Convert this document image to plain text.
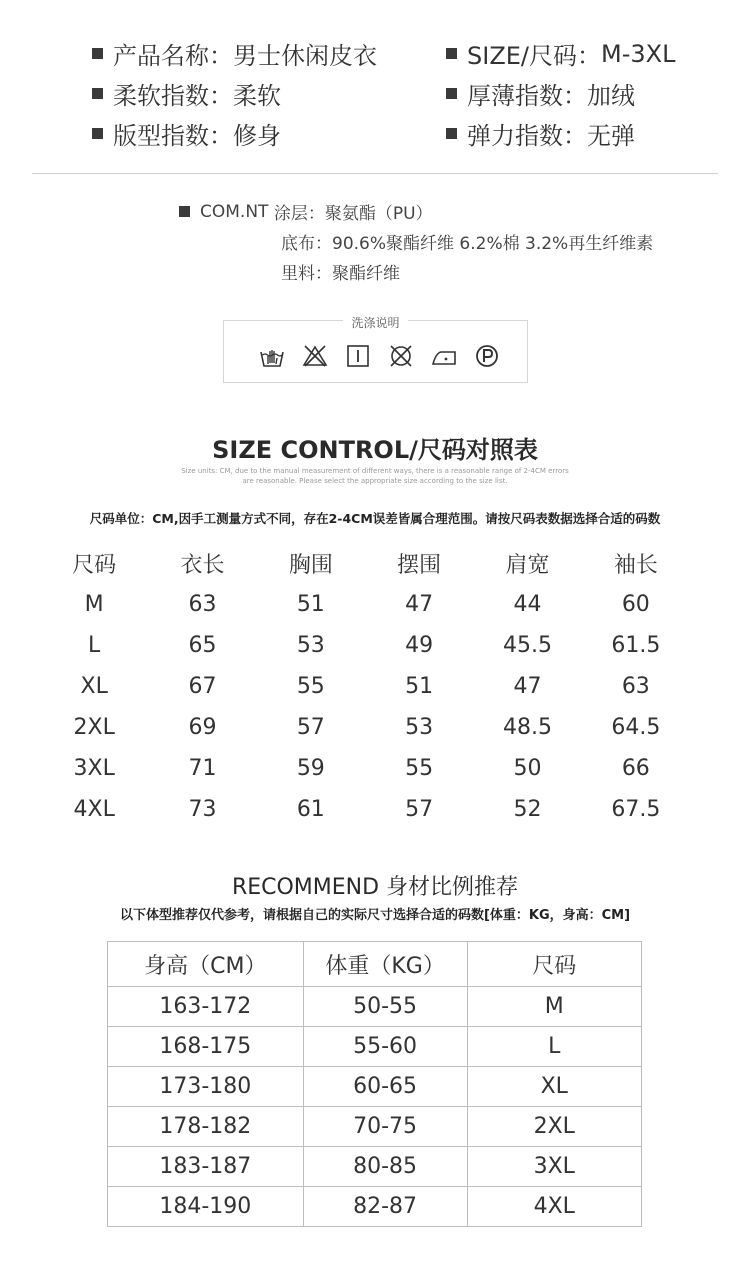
产品名称： 男士休闲皮衣	SIZE/尺码： M-3XL
柔软指数： 柔软	厚薄指数： 加绒
版型指数： 修身	弹力指数： 无弹
COM.NT
涂层： 聚氨酯（PU）
底布： 90.6%聚酯纤维 6.2%棉 3.2%再生纤维素
里料： 聚酯纤维
洗涤说明
SIZE CONTROL/尺码对照表
Size units: CM, due to the manual measurement of different ways, there is a reasonable range of 2-4CM errors
are reasonable. Please select the appropriate size according to the size list.
尺码单位：CM,因手工测量方式不同，存在2-4CM误差皆属合理范围。请按尺码表数据选择合适的码数
尺码	衣长	胸围	摆围	肩宽	袖长
M	63	51	47	44	60
L	65	53	49	45.5	61.5
XL	67	55	51	47	63
2XL	69	57	53	48.5	64.5
3XL	71	59	55	50	66
4XL	73	61	57	52	67.5
RECOMMEND 身材比例推荐
以下体型推荐仅代参考，请根据自己的实际尺寸选择合适的码数[体重：KG，身高：CM]
身高（CM）	体重（KG）	尺码
163-172	50-55	M
168-175	55-60	L
173-180	60-65	XL
178-182	70-75	2XL
183-187	80-85	3XL
184-190	82-87	4XL
